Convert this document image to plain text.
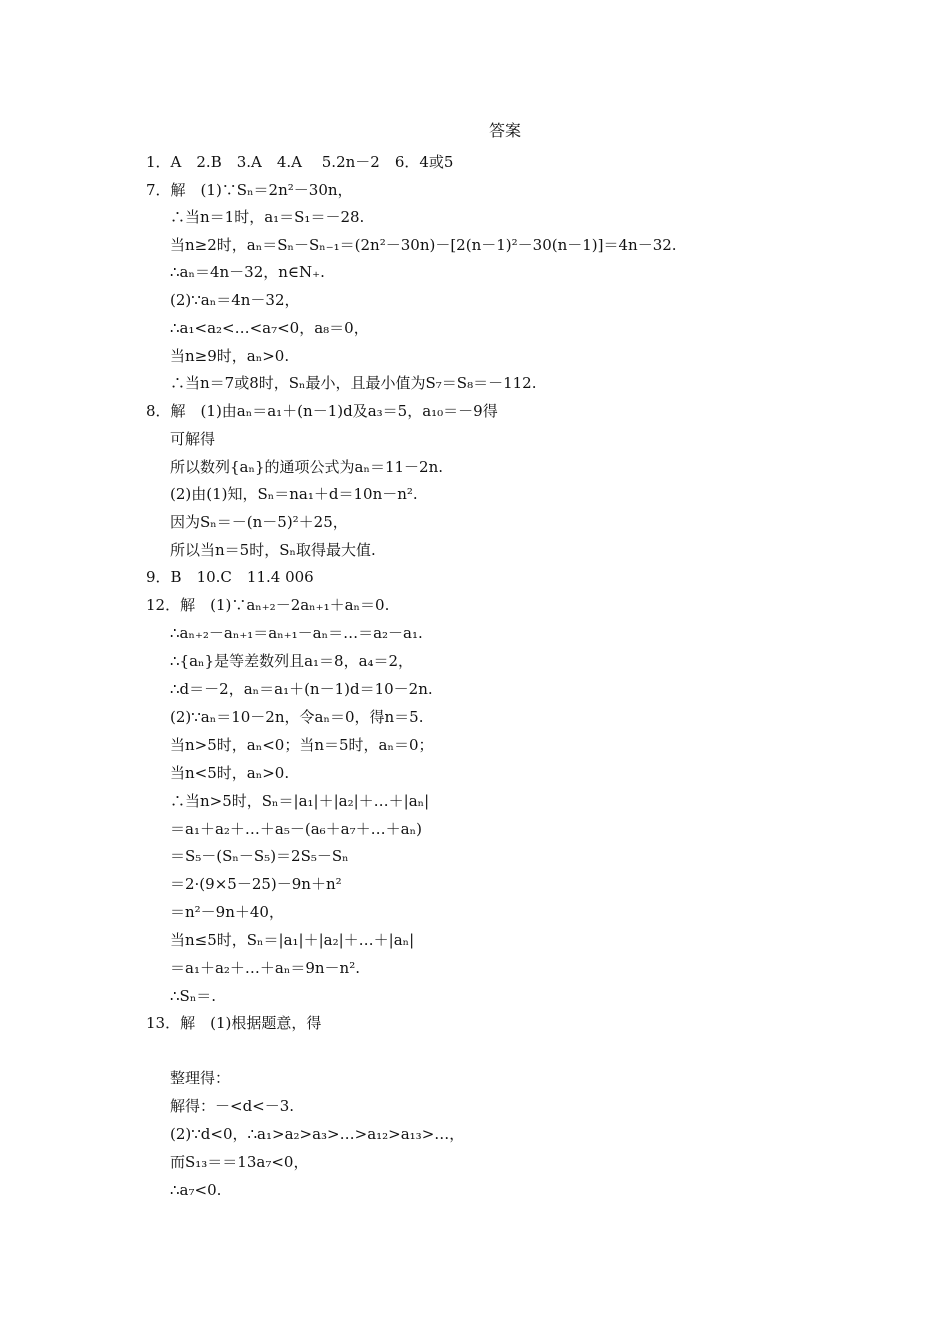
答案
1．A　2.B　3.A　4.A　 5.2n－2　6．4或5
7．解　(1)∵Sₙ＝2n²－30n，
∴当n＝1时，a₁＝S₁＝－28.
当n≥2时，aₙ＝Sₙ－Sₙ₋₁＝(2n²－30n)－[2(n－1)²－30(n－1)]＝4n－32.
∴aₙ＝4n－32，n∈N₊.
(2)∵aₙ＝4n－32，
∴a₁<a₂<…<a₇<0，a₈＝0，
当n≥9时，aₙ>0.
∴当n＝7或8时，Sₙ最小，且最小值为S₇＝S₈＝－112.
8．解　(1)由aₙ＝a₁＋(n－1)d及a₃＝5，a₁₀＝－9得
可解得
所以数列{aₙ}的通项公式为aₙ＝11－2n.
(2)由(1)知，Sₙ＝na₁＋d＝10n－n².
因为Sₙ＝－(n－5)²＋25，
所以当n＝5时，Sₙ取得最大值.
9．B　10.C　11.4 006
12．解　(1)∵aₙ₊₂－2aₙ₊₁＋aₙ＝0.
∴aₙ₊₂－aₙ₊₁＝aₙ₊₁－aₙ＝…＝a₂－a₁.
∴{aₙ}是等差数列且a₁＝8，a₄＝2，
∴d＝－2，aₙ＝a₁＋(n－1)d＝10－2n.
(2)∵aₙ＝10－2n，令aₙ＝0，得n＝5.
当n>5时，aₙ<0；当n＝5时，aₙ＝0；
当n<5时，aₙ>0.
∴当n>5时，Sₙ＝|a₁|＋|a₂|＋…＋|aₙ|
＝a₁＋a₂＋…＋a₅－(a₆＋a₇＋…＋aₙ)
＝S₅－(Sₙ－S₅)＝2S₅－Sₙ
＝2·(9×5－25)－9n＋n²
＝n²－9n＋40，
当n≤5时，Sₙ＝|a₁|＋|a₂|＋…＋|aₙ|
＝a₁＋a₂＋…＋aₙ＝9n－n².
∴Sₙ＝.
13．解　(1)根据题意，得
整理得：
解得：－<d<－3.
(2)∵d<0，∴a₁>a₂>a₃>…>a₁₂>a₁₃>…，
而S₁₃＝＝13a₇<0，
∴a₇<0.
